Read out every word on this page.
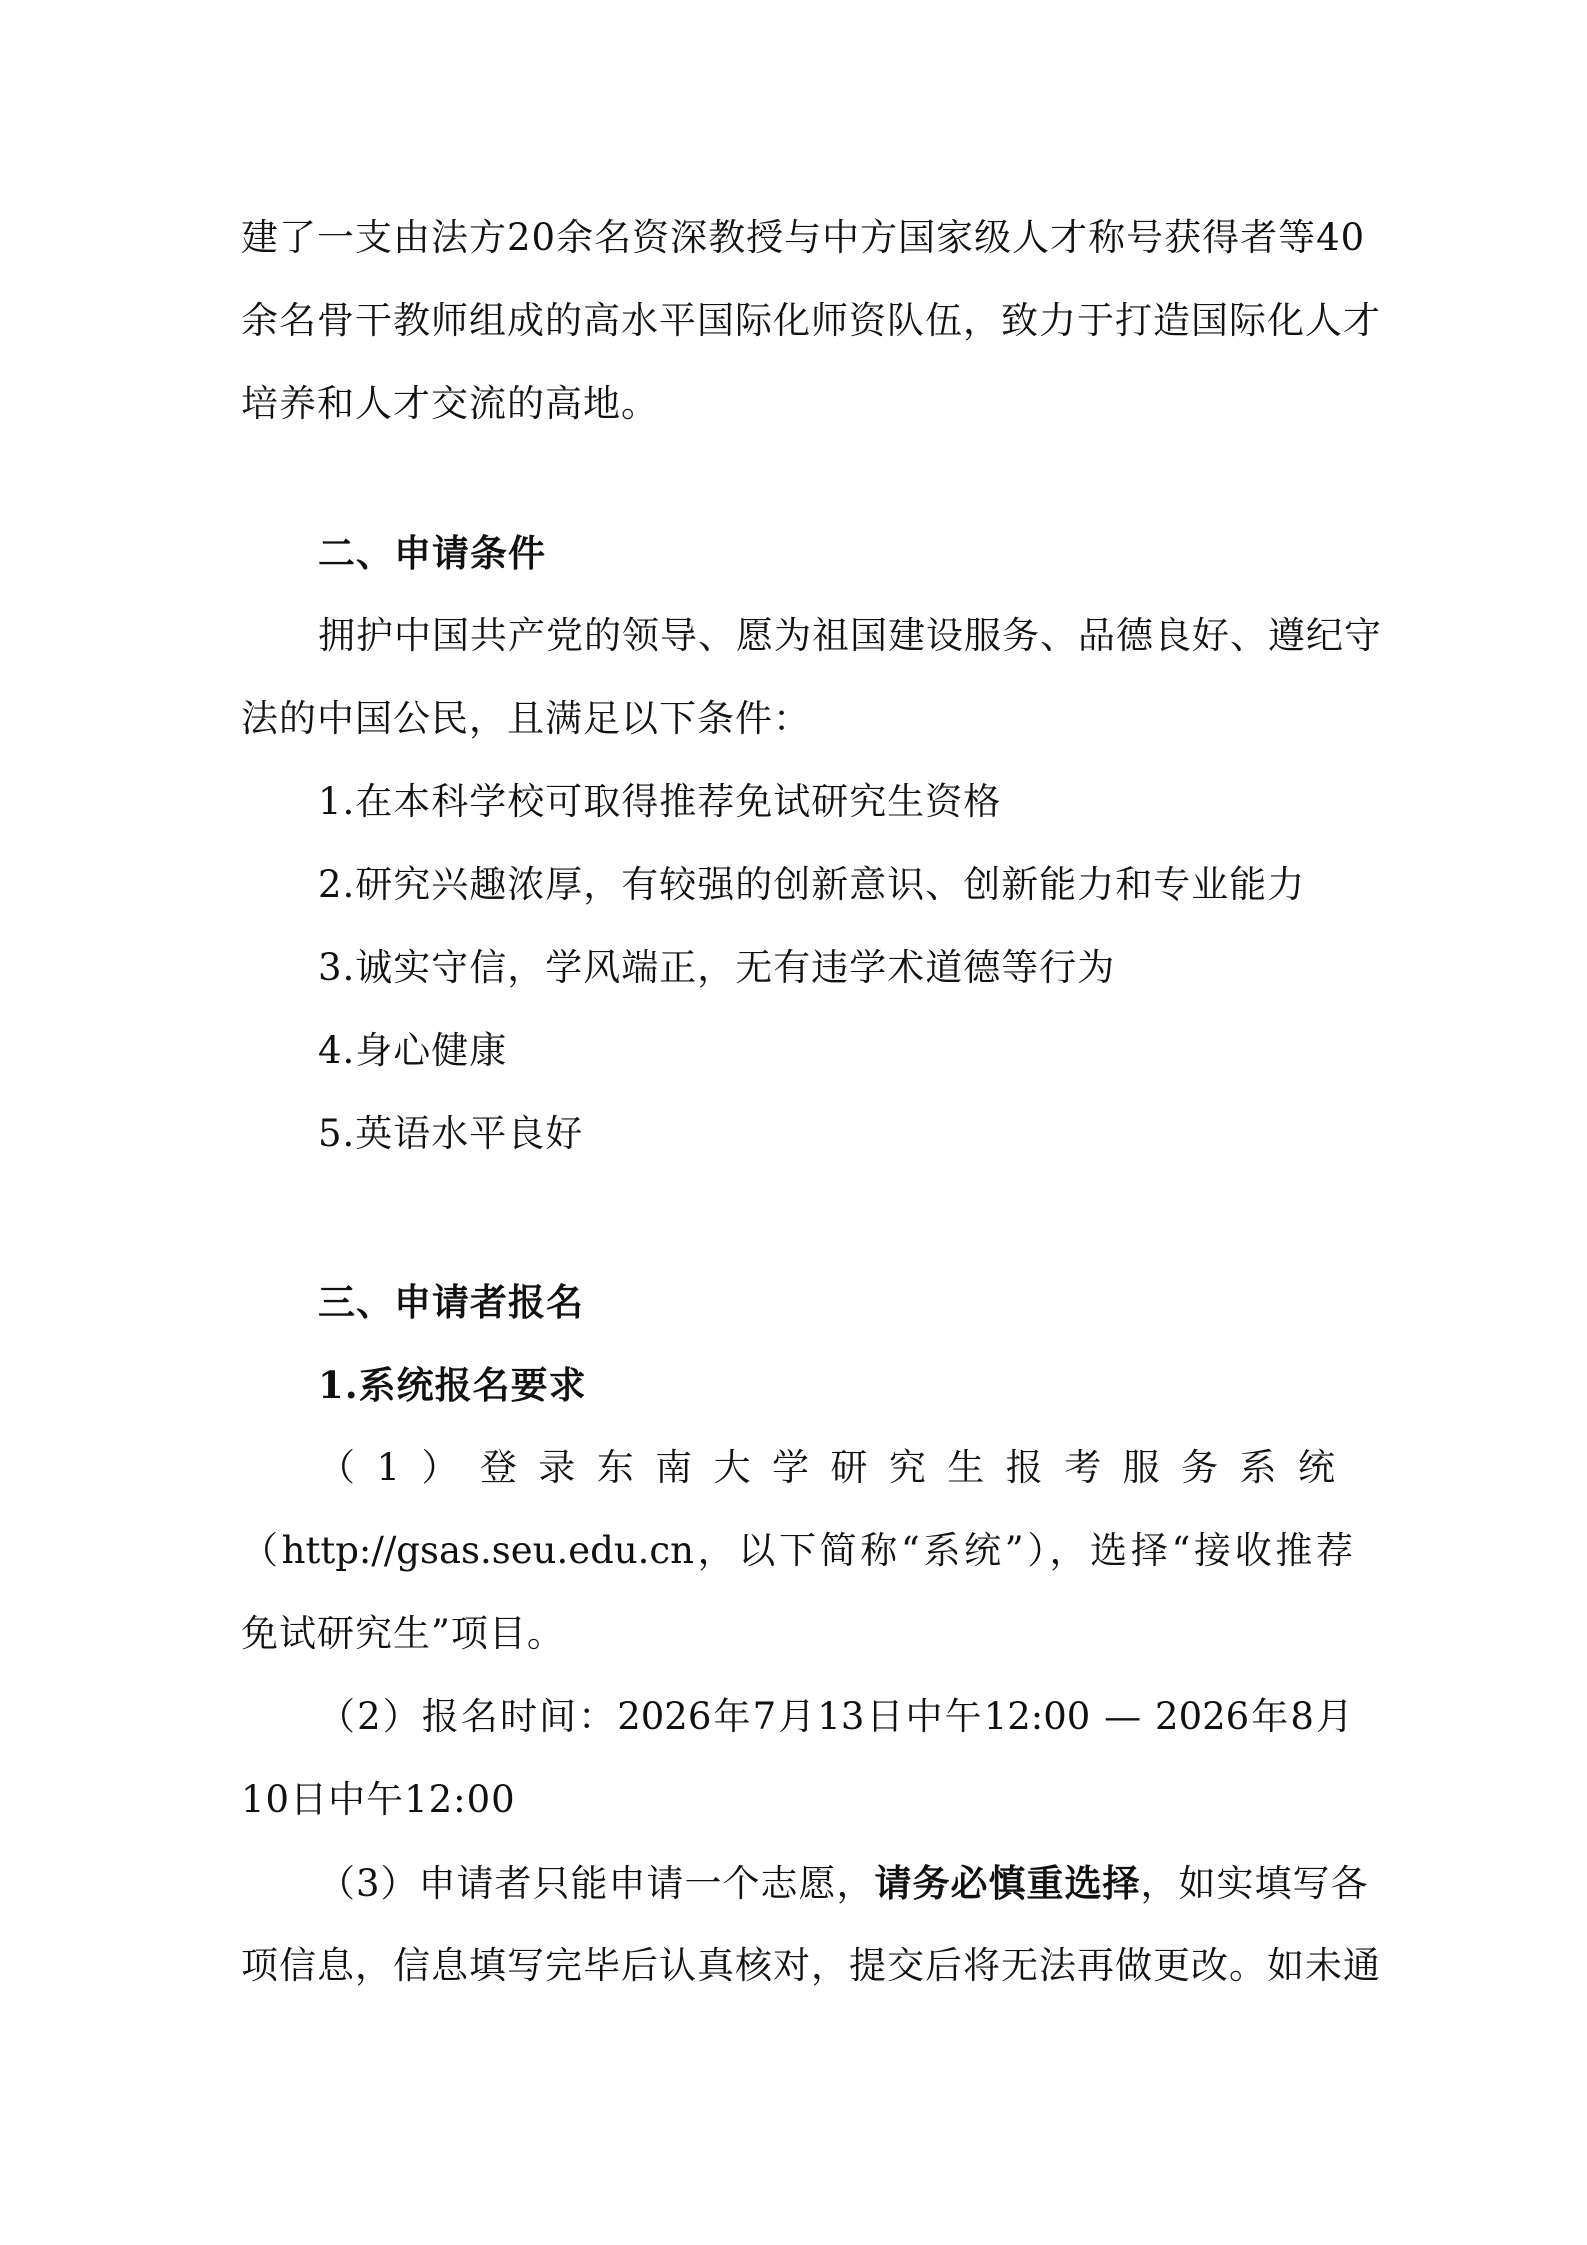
建了一支由法方20余名资深教授与中方国家级人才称号获得者等40
余名骨干教师组成的高水平国际化师资队伍，致力于打造国际化人才
培养和人才交流的高地。
二、申请条件
拥护中国共产党的领导、愿为祖国建设服务、品德良好、遵纪守
法的中国公民，且满足以下条件：
1.在本科学校可取得推荐免试研究生资格
2.研究兴趣浓厚，有较强的创新意识、创新能力和专业能力
3.诚实守信，学风端正，无有违学术道德等行为
4.身心健康
5.英语水平良好
三、申请者报名
1.系统报名要求
（1）登录东南大学研究生报考服务系统
（http://gsas.seu.edu.cn，以下简称“系统”），选择“接收推荐
免试研究生”项目。
（2）报名时间：2026年7月13日中午12:00 — 2026年8月
10日中午12:00
（3）申请者只能申请一个志愿，请务必慎重选择，如实填写各
项信息，信息填写完毕后认真核对，提交后将无法再做更改。如未通
